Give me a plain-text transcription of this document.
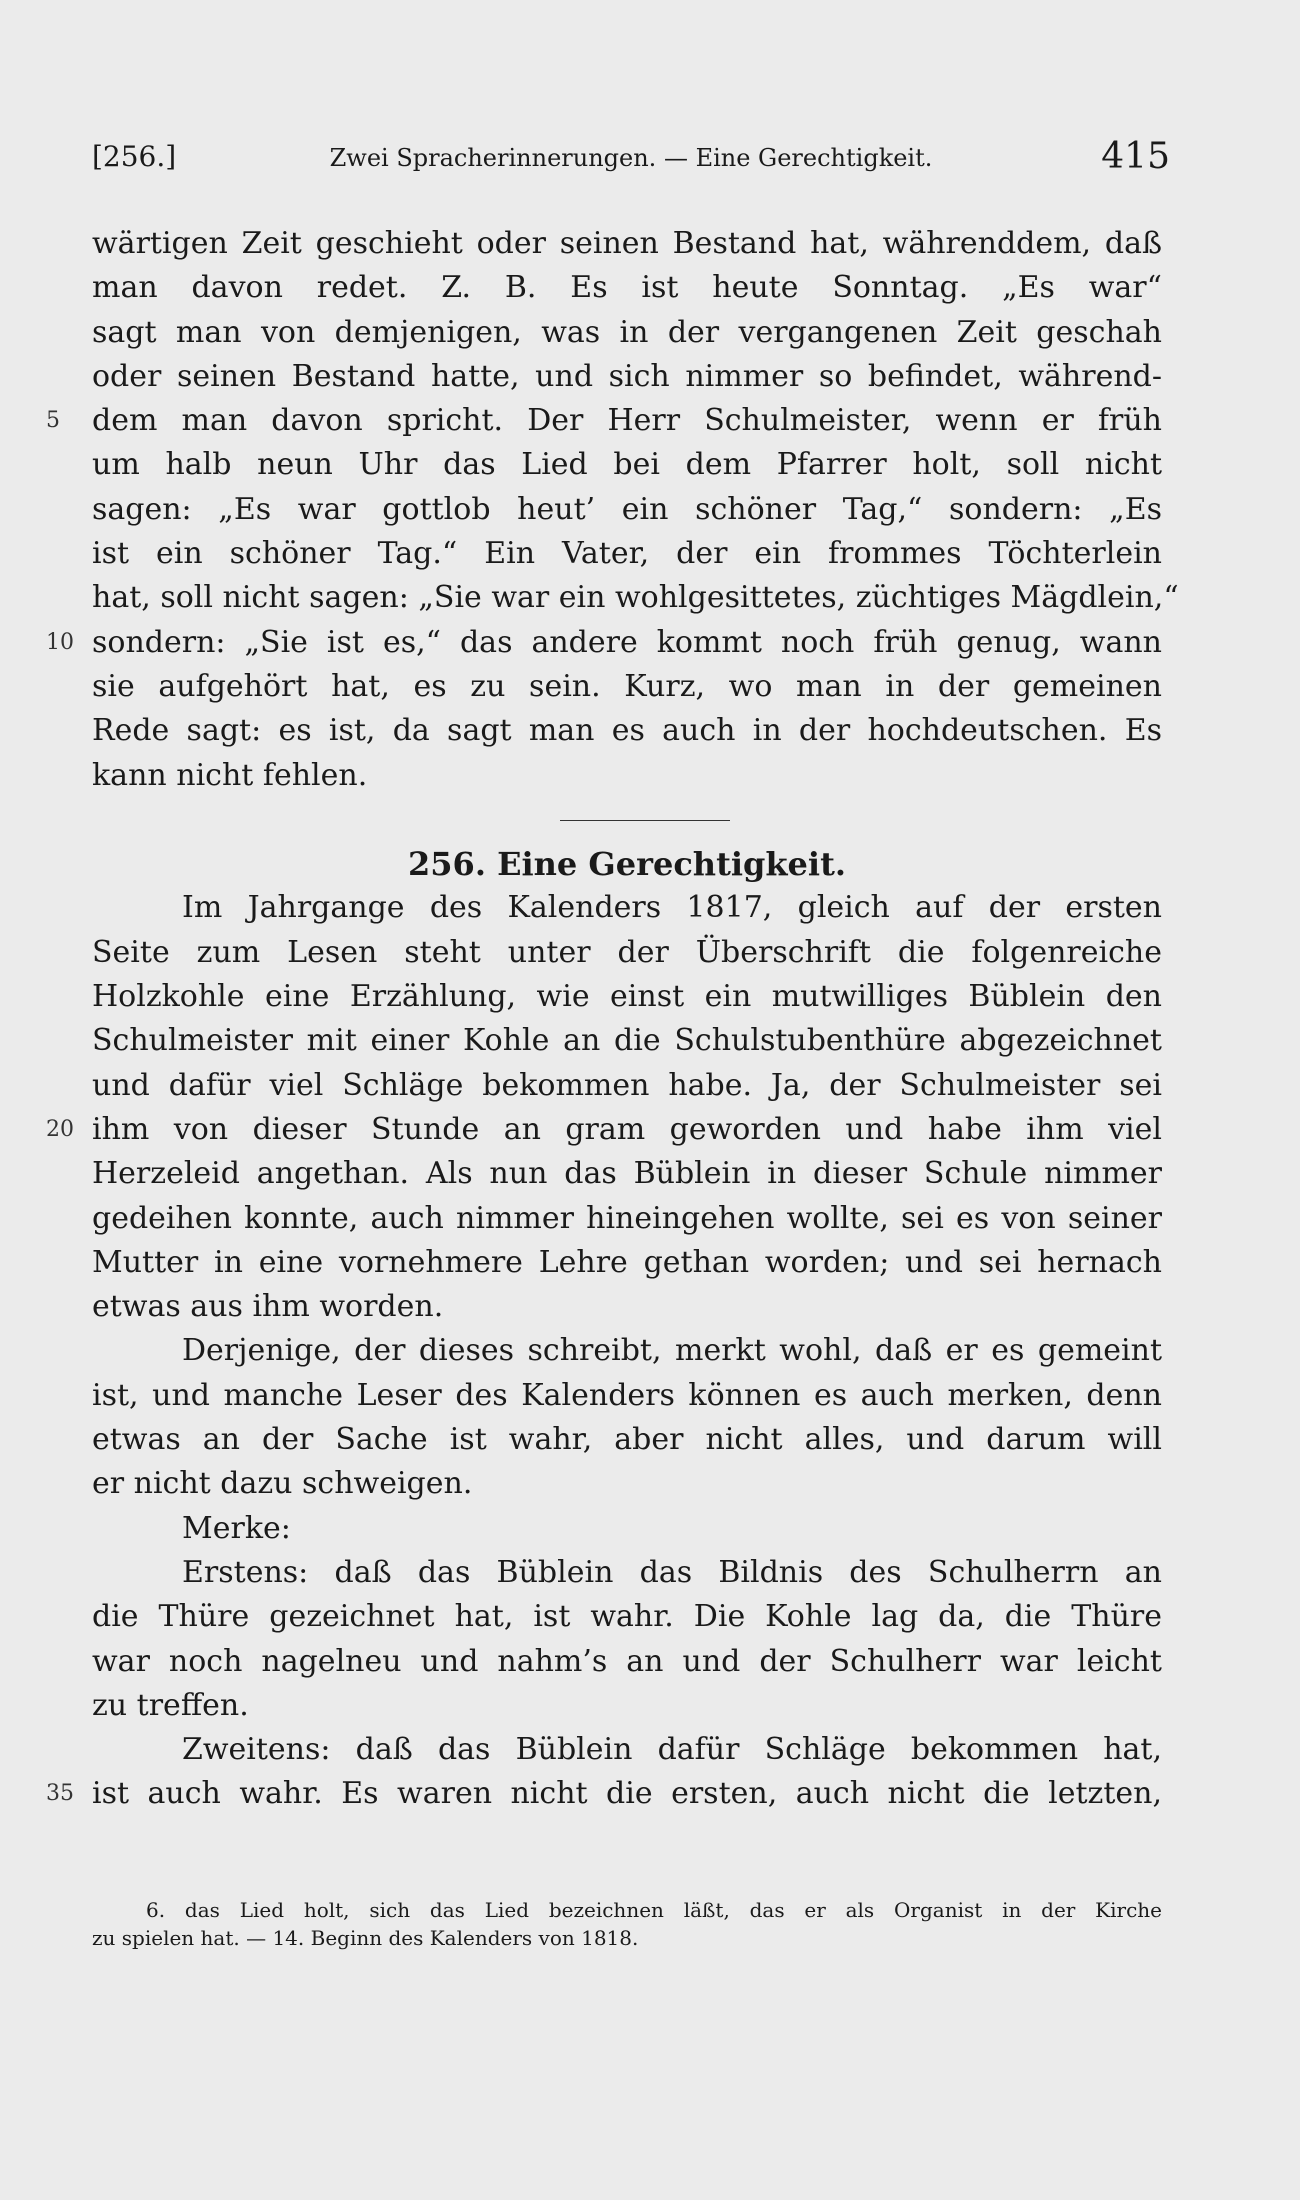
[256.]	Zwei Spracherinnerungen. — Eine Gerechtigkeit.	415
wärtigen Zeit geschieht oder seinen Bestand hat, währenddem, daß
man davon redet. Z. B. Es ist heute Sonntag. „Es war“
sagt man von demjenigen, was in der vergangenen Zeit geschah
oder seinen Bestand hatte, und sich nimmer so befindet, während-
5	dem man davon spricht. Der Herr Schulmeister, wenn er früh
um halb neun Uhr das Lied bei dem Pfarrer holt, soll nicht
sagen: „Es war gottlob heut’ ein schöner Tag,“ sondern: „Es
ist ein schöner Tag.“ Ein Vater, der ein frommes Töchterlein
hat, soll nicht sagen: „Sie war ein wohlgesittetes, züchtiges Mägdlein,“
10 sondern: „Sie ist es,“ das andere kommt noch früh genug, wann
sie aufgehört hat, es zu sein. Kurz, wo man in der gemeinen
Rede sagt: es ist, da sagt man es auch in der hochdeutschen. Es
kann nicht fehlen.
256. Eine Gerechtigkeit.
Im Jahrgange des Kalenders 1817, gleich auf der ersten
Seite zum Lesen steht unter der Überschrift die folgenreiche
Holzkohle eine Erzählung, wie einst ein mutwilliges Büblein den
Schulmeister mit einer Kohle an die Schulstubenthüre abgezeichnet
und dafür viel Schläge bekommen habe. Ja, der Schulmeister sei
20 ihm von dieser Stunde an gram geworden und habe ihm viel
Herzeleid angethan. Als nun das Büblein in dieser Schule nimmer
gedeihen konnte, auch nimmer hineingehen wollte, sei es von seiner
Mutter in eine vornehmere Lehre gethan worden; und sei hernach
etwas aus ihm worden.
Derjenige, der dieses schreibt, merkt wohl, daß er es gemeint
ist, und manche Leser des Kalenders können es auch merken, denn
etwas an der Sache ist wahr, aber nicht alles, und darum will
er nicht dazu schweigen.
Merke:
Erstens: daß das Büblein das Bildnis des Schulherrn an
die Thüre gezeichnet hat, ist wahr. Die Kohle lag da, die Thüre
war noch nagelneu und nahm’s an und der Schulherr war leicht
zu treffen.
Zweitens: daß das Büblein dafür Schläge bekommen hat,
35 ist auch wahr. Es waren nicht die ersten, auch nicht die letzten,
6. das Lied holt, sich das Lied bezeichnen läßt, das er als Organist in der Kirche
zu spielen hat. — 14. Beginn des Kalenders von 1818.
